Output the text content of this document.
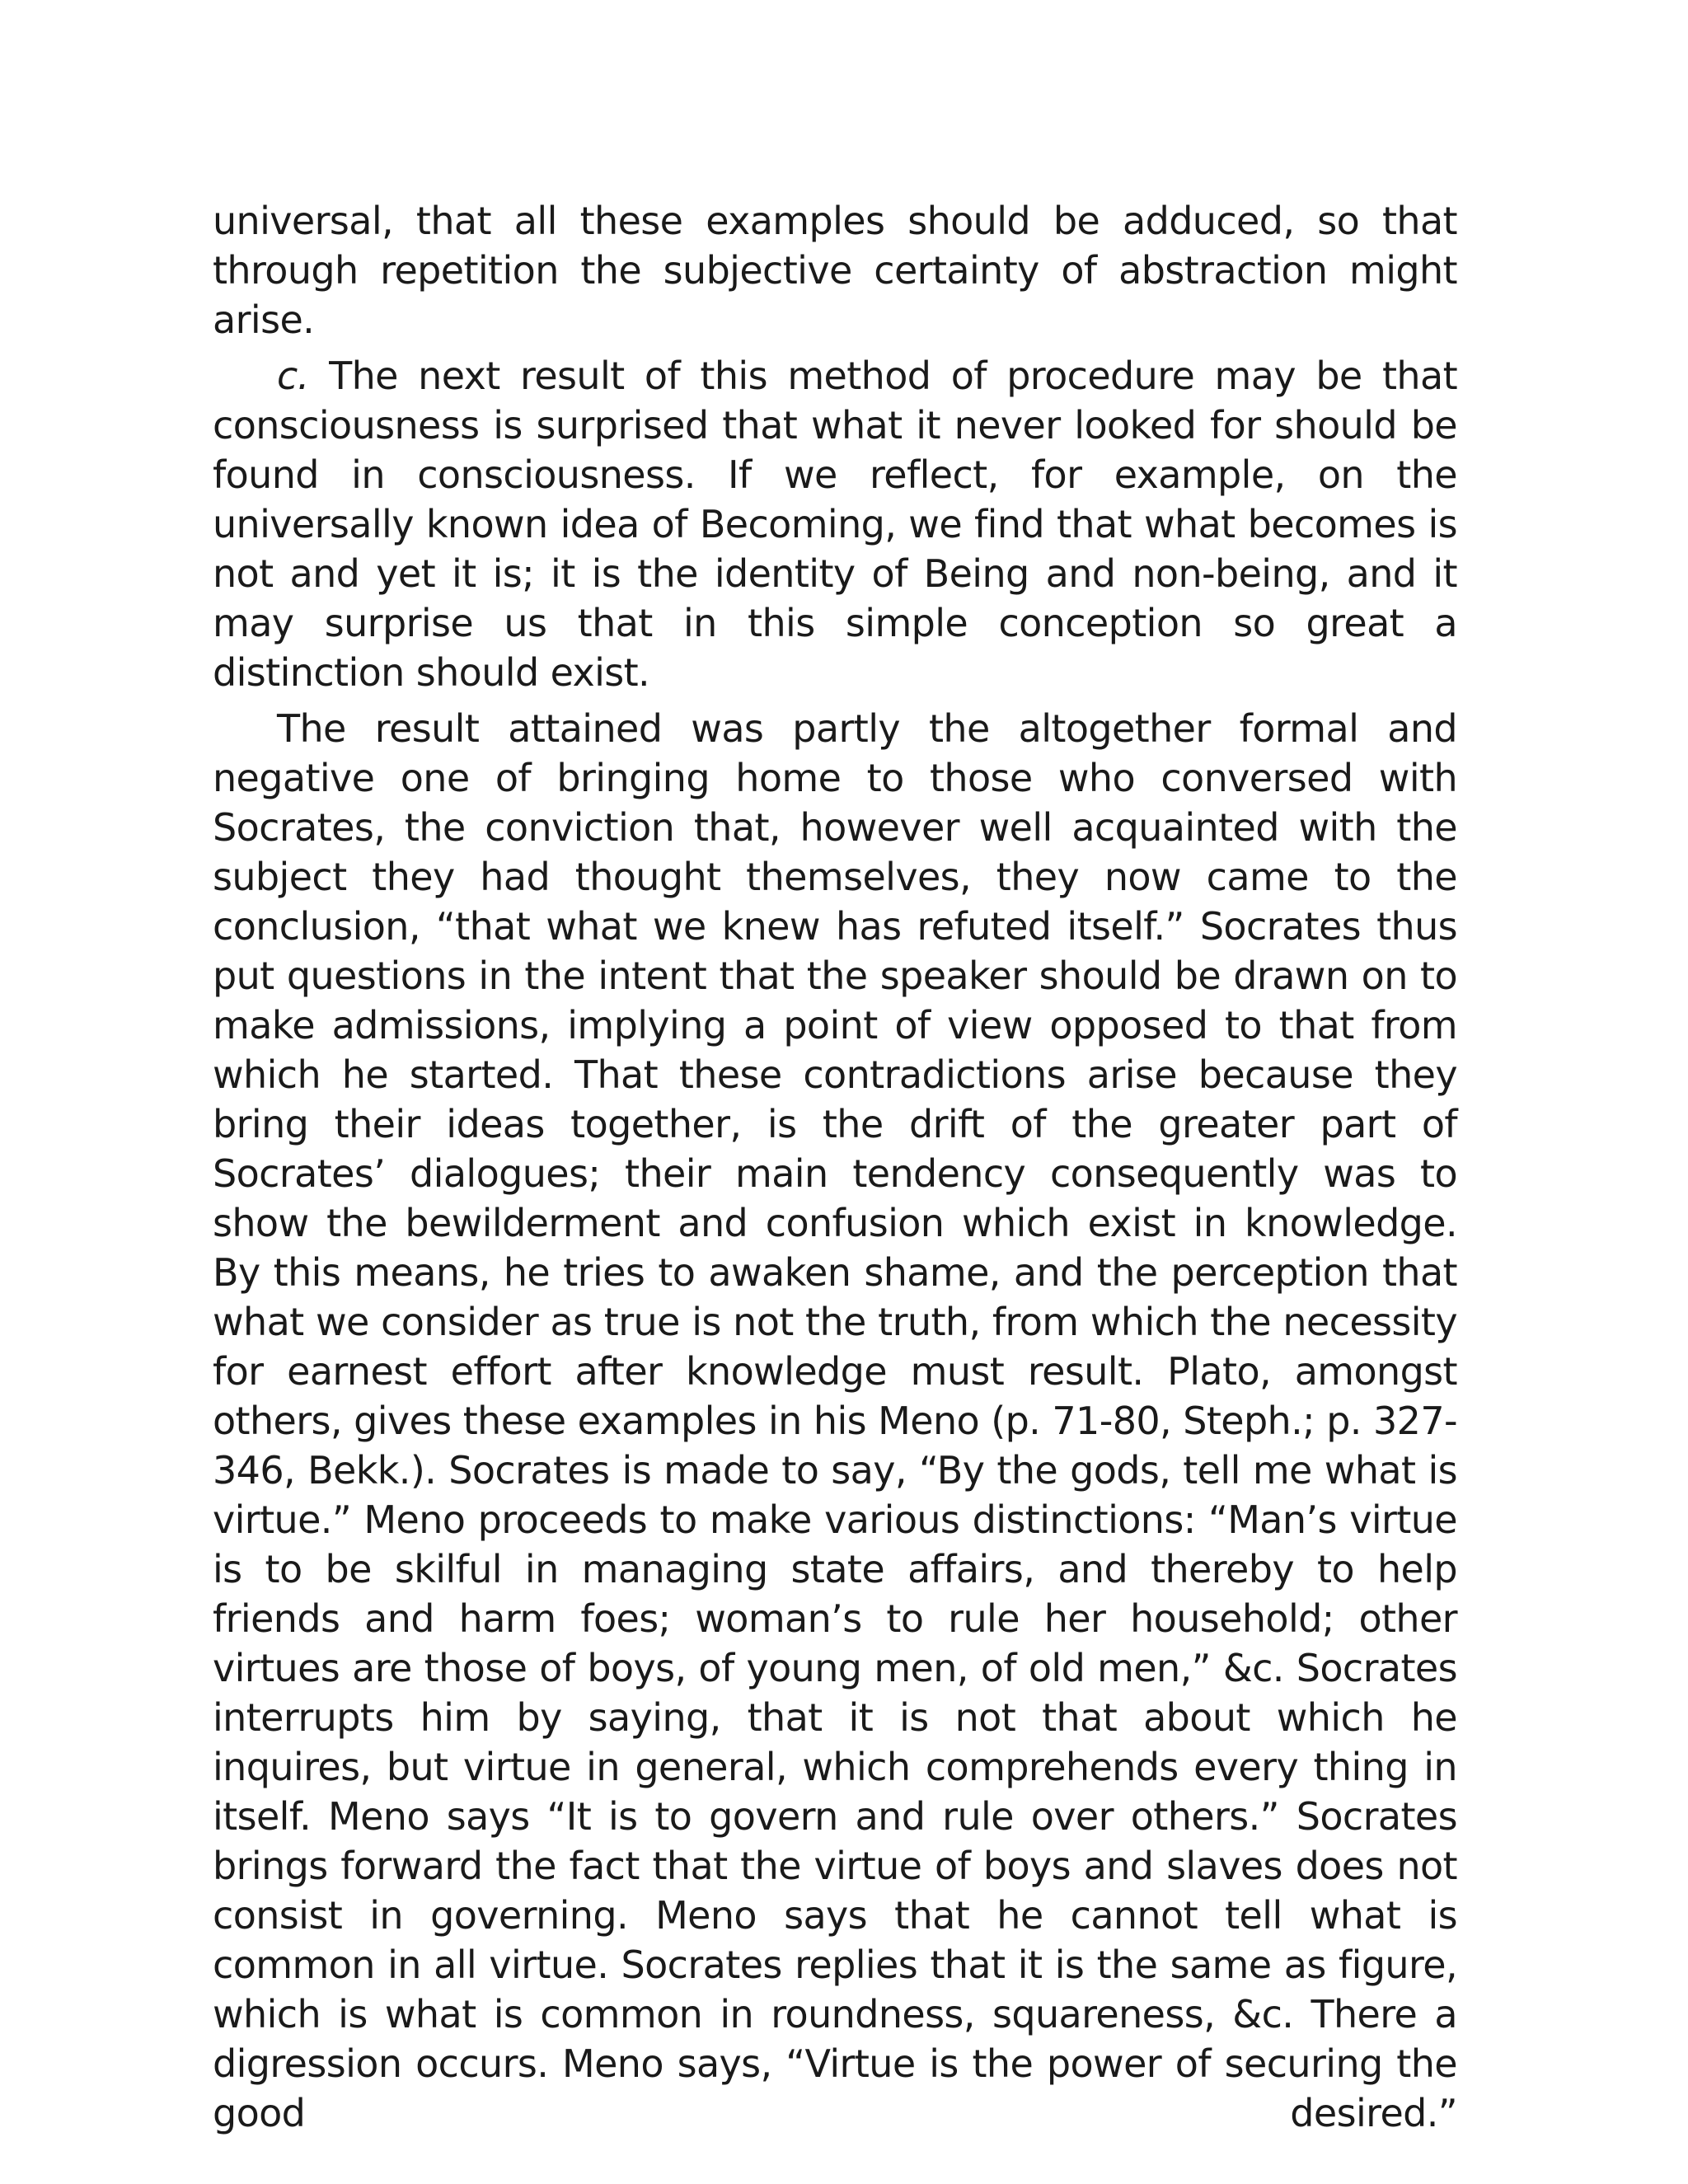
universal, that all these examples should be adduced, so that through repetition the subjective certainty of abstraction might arise.

c. The next result of this method of procedure may be that consciousness is surprised that what it never looked for should be found in consciousness. If we reflect, for example, on the universally known idea of Becoming, we find that what becomes is not and yet it is; it is the identity of Being and non-being, and it may surprise us that in this simple conception so great a distinction should exist.

The result attained was partly the altogether formal and negative one of bringing home to those who conversed with Socrates, the conviction that, however well acquainted with the subject they had thought themselves, they now came to the conclusion, “that what we knew has refuted itself.” Socrates thus put questions in the intent that the speaker should be drawn on to make admissions, implying a point of view opposed to that from which he started. That these contradictions arise because they bring their ideas together, is the drift of the greater part of Socrates’ dialogues; their main tendency consequently was to show the bewilderment and confusion which exist in knowledge. By this means, he tries to awaken shame, and the perception that what we consider as true is not the truth, from which the necessity for earnest effort after knowledge must result. Plato, amongst others, gives these examples in his Meno (p. 71-80, Steph.; p. 327-346, Bekk.). Socrates is made to say, “By the gods, tell me what is virtue.” Meno proceeds to make various distinctions: “Man’s virtue is to be skilful in managing state affairs, and thereby to help friends and harm foes; woman’s to rule her household; other virtues are those of boys, of young men, of old men,” &c. Socrates interrupts him by saying, that it is not that about which he inquires, but virtue in general, which comprehends every thing in itself. Meno says “It is to govern and rule over others.” Socrates brings forward the fact that the virtue of boys and slaves does not consist in governing. Meno says that he cannot tell what is common in all virtue. Socrates replies that it is the same as figure, which is what is common in roundness, squareness, &c. There a digression occurs. Meno says, “Virtue is the power of securing the good desired.”
